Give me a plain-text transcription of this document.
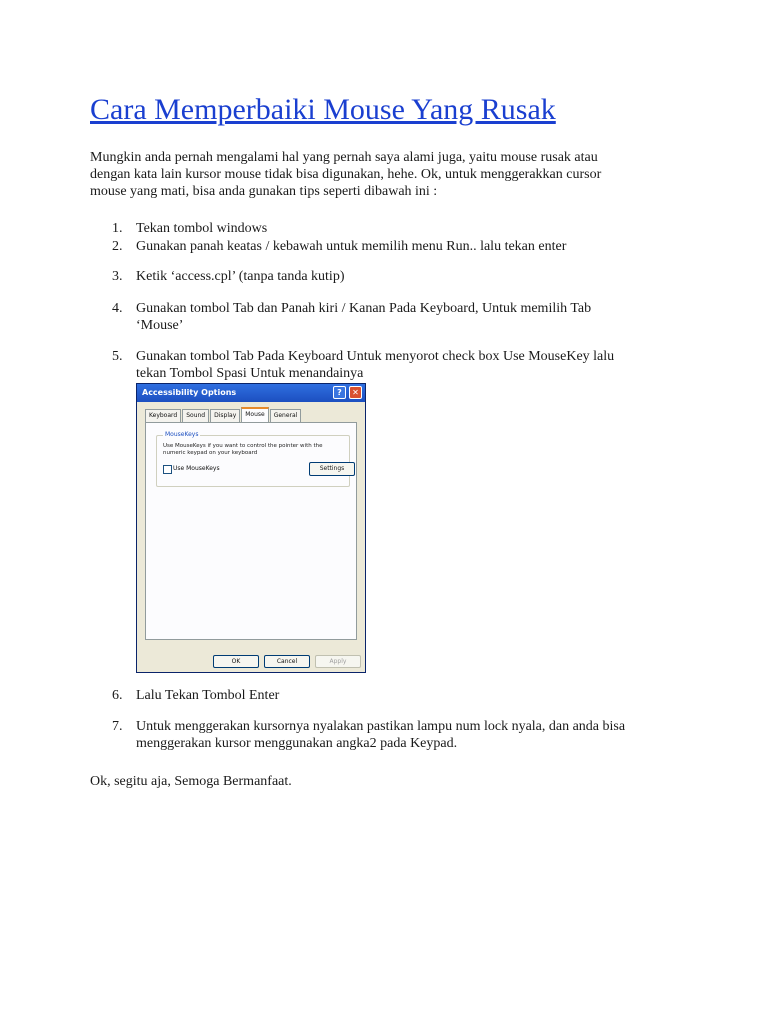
Cara Memperbaiki Mouse Yang Rusak
Mungkin anda pernah mengalami hal yang pernah saya alami juga, yaitu mouse rusak atau
dengan kata lain kursor mouse tidak bisa digunakan, hehe. Ok, untuk menggerakkan cursor
mouse yang mati, bisa anda gunakan tips seperti dibawah ini :
1. Tekan tombol windows
2. Gunakan panah keatas / kebawah untuk memilih menu Run.. lalu tekan enter
3. Ketik ‘access.cpl’ (tanpa tanda kutip)
4. Gunakan tombol Tab dan Panah kiri / Kanan Pada Keyboard, Untuk memilih Tab
‘Mouse’
5. Gunakan tombol Tab Pada Keyboard Untuk menyorot check box Use MouseKey lalu
tekan Tombol Spasi Untuk menandainya
Accessibility Options	?	✕
Keyboard	Sound	Display	Mouse	General
MouseKeys
Use MouseKeys if you want to control the pointer with the numeric keypad on your keyboard
Use MouseKeys	Settings
OK	Cancel	Apply
6. Lalu Tekan Tombol Enter
7. Untuk menggerakan kursornya nyalakan pastikan lampu num lock nyala, dan anda bisa
menggerakan kursor menggunakan angka2 pada Keypad.
Ok, segitu aja, Semoga Bermanfaat.
